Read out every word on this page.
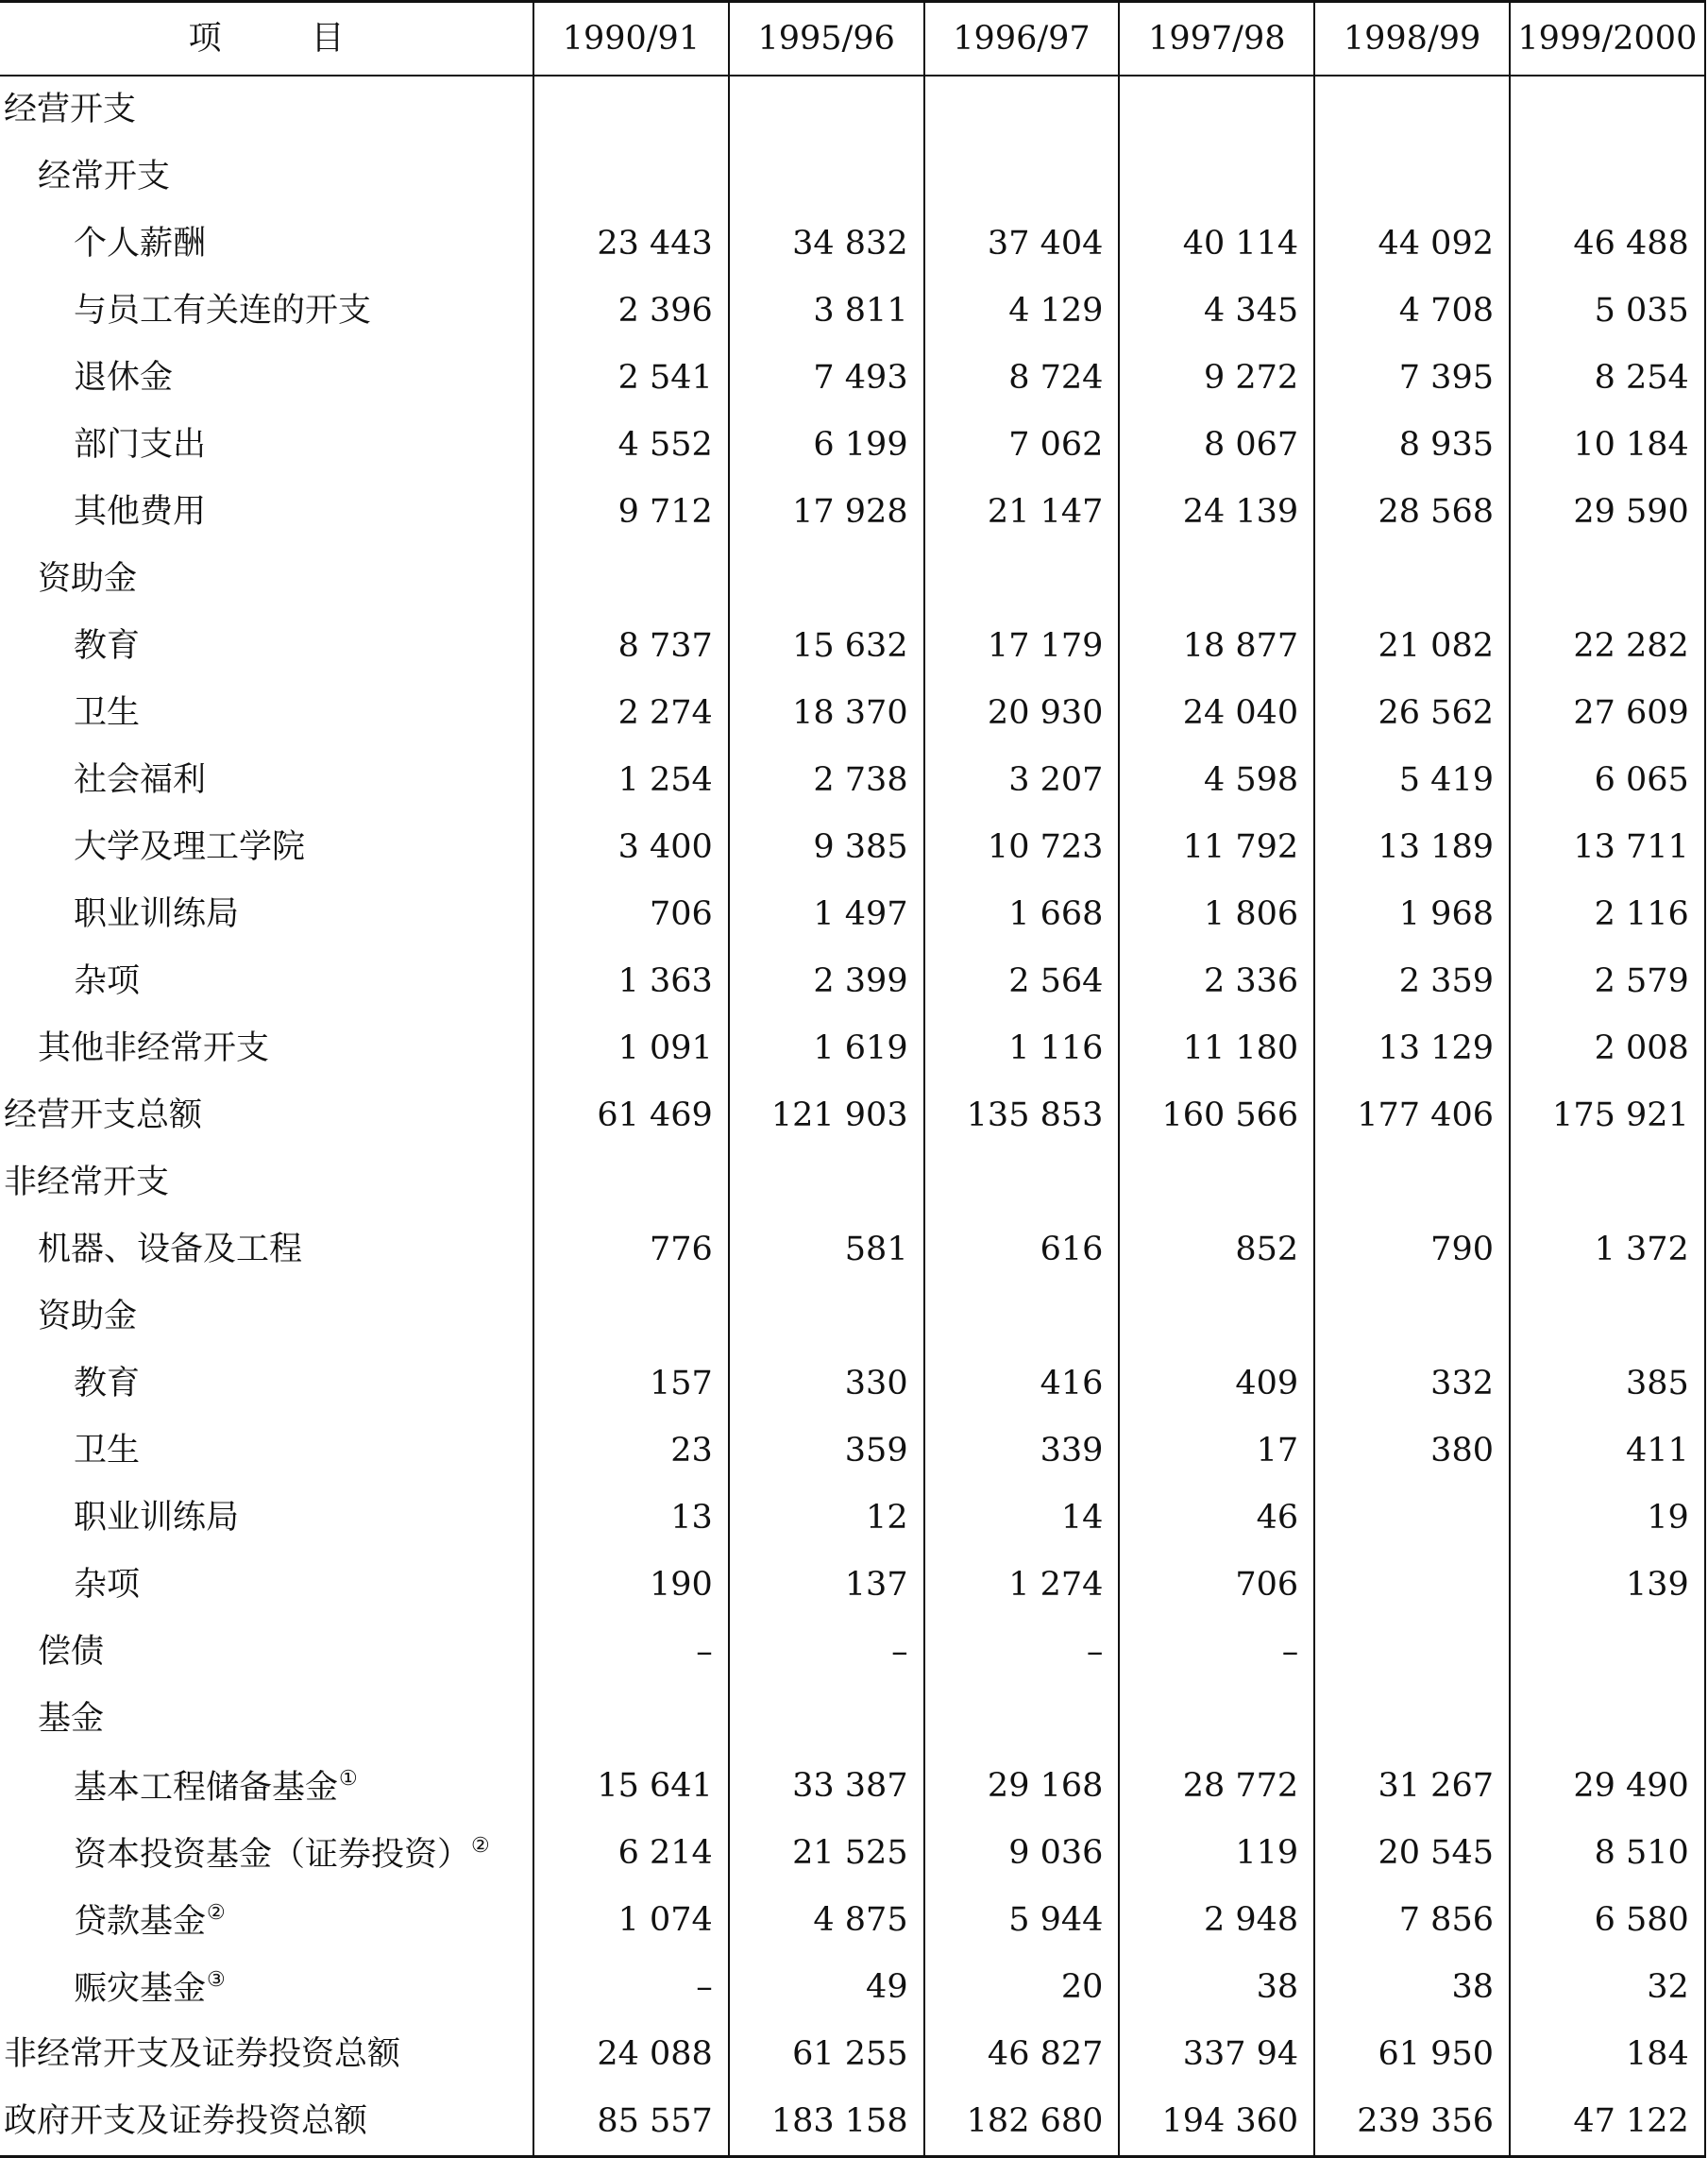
项 目	1990/91	1995/96	1996/97	1997/98	1998/99	1999/2000
经营开支						
经常开支						
个人薪酬	23 443	34 832	37 404	40 114	44 092	46 488
与员工有关连的开支	2 396	3 811	4 129	4 345	4 708	5 035
退休金	2 541	7 493	8 724	9 272	7 395	8 254
部门支出	4 552	6 199	7 062	8 067	8 935	10 184
其他费用	9 712	17 928	21 147	24 139	28 568	29 590
资助金						
教育	8 737	15 632	17 179	18 877	21 082	22 282
卫生	2 274	18 370	20 930	24 040	26 562	27 609
社会福利	1 254	2 738	3 207	4 598	5 419	6 065
大学及理工学院	3 400	9 385	10 723	11 792	13 189	13 711
职业训练局	706	1 497	1 668	1 806	1 968	2 116
杂项	1 363	2 399	2 564	2 336	2 359	2 579
其他非经常开支	1 091	1 619	1 116	11 180	13 129	2 008
经营开支总额	61 469	121 903	135 853	160 566	177 406	175 921
非经常开支						
机器、设备及工程	776	581	616	852	790	1 372
资助金						
教育	157	330	416	409	332	385
卫生	23	359	339	17	380	411
职业训练局	13	12	14	46		19
杂项	190	137	1 274	706		139
偿债	–	–	–	–		
基金						
基本工程储备基金①	15 641	33 387	29 168	28 772	31 267	29 490
资本投资基金（证券投资）②	6 214	21 525	9 036	119	20 545	8 510
贷款基金②	1 074	4 875	5 944	2 948	7 856	6 580
赈灾基金③	–	49	20	38	38	32
非经常开支及证券投资总额	24 088	61 255	46 827	337 94	61 950	184
政府开支及证券投资总额	85 557	183 158	182 680	194 360	239 356	47 122
